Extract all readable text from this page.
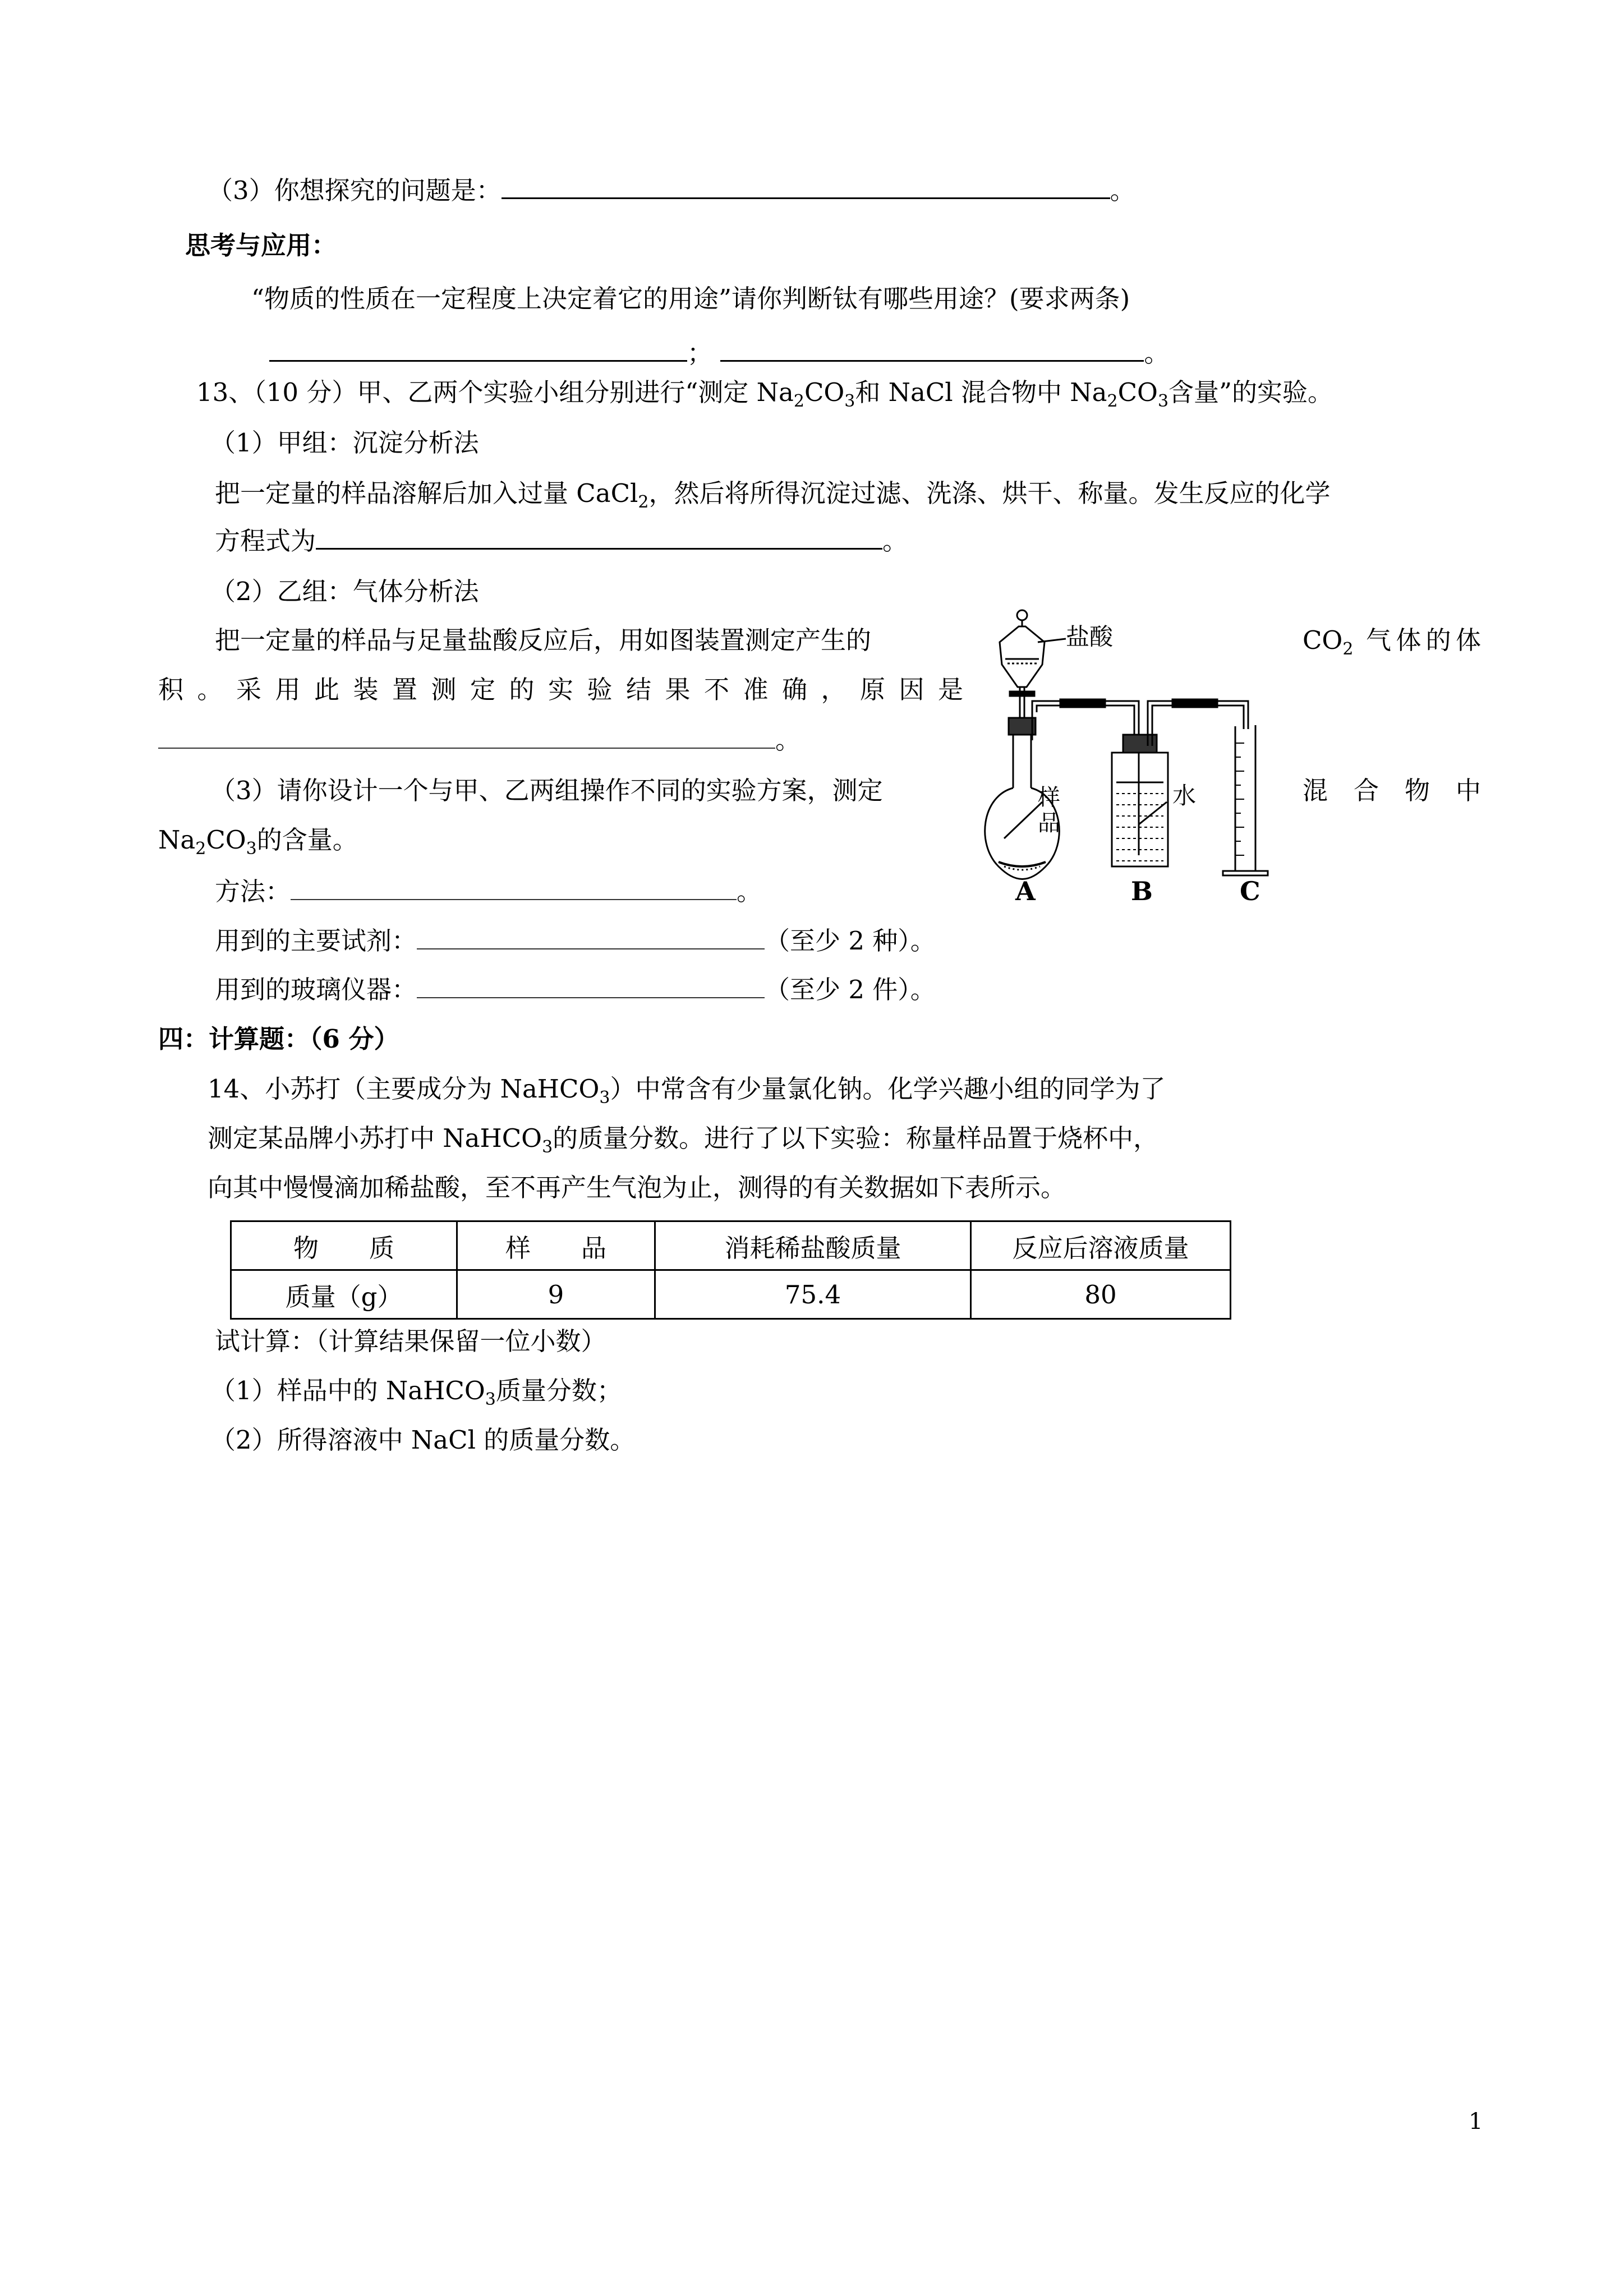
（3）你想探究的问题是：	。
思考与应用：
“物质的性质在一定程度上决定着它的用途”请你判断钛有哪些用途？(要求两条)
；	。
13、（10 分）甲、乙两个实验小组分别进行“测定 $Na_2CO_3$和 NaCl 混合物中 $Na_2CO_3$含量”的实验。
（1）甲组：沉淀分析法
把一定量的样品溶解后加入过量 CaCl$_2$，然后将所得沉淀过滤、洗涤、烘干、称量。发生反应的化学
方程式为	。
（2）乙组：气体分析法
把一定量的样品与足量盐酸反应后，用如图装置测定产生的	$CO_2$ 气体的体
积。采用此装置测定的实验结果不准确，原因是
。
（3）请你设计一个与甲、乙两组操作不同的实验方案，测定	混合物中
$Na_2CO_3$的含量。
方法：	。
用到的主要试剂：	（至少 2 种）。
用到的玻璃仪器：	（至少 2 件）。
盐酸
样
品
水
A	B	C
四：计算题：（6 分）
14、小苏打（主要成分为 NaHCO$_3$）中常含有少量氯化钠。化学兴趣小组的同学为了
测定某品牌小苏打中 NaHCO$_3$的质量分数。进行了以下实验：称量样品置于烧杯中，
向其中慢慢滴加稀盐酸，至不再产生气泡为止，测得的有关数据如下表所示。
物　　质	样　　品	消耗稀盐酸质量	反应后溶液质量
质量（g）	9	75.4	80
试计算：（计算结果保留一位小数）
（1）样品中的 NaHCO$_3$质量分数；
（2）所得溶液中 NaCl 的质量分数。
1
